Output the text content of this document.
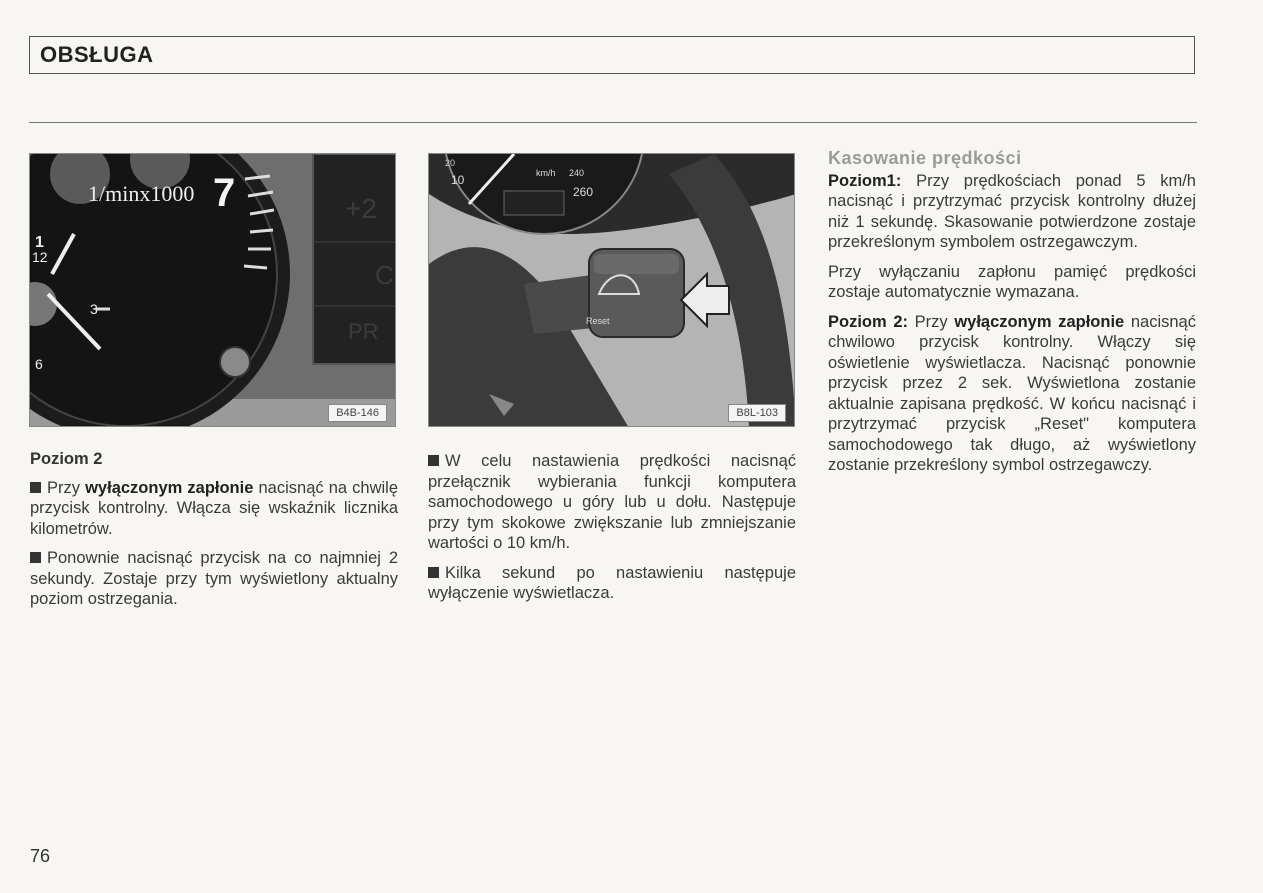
OBSŁUGA
1/minx1000 7
1
12
3
6
+2
C
PR
B4B-146
20
10	km/h 240
260
Reset
B8L-103
Poziom 2

Przy wyłączonym zapłonie nacisnąć na chwilę przycisk kontrolny. Włącza się wskaźnik licznika kilometrów.

Ponownie nacisnąć przycisk na co najmniej 2 sekundy. Zostaje przy tym wyświetlony aktualny poziom ostrzegania.

W celu nastawienia prędkości nacisnąć przełącznik wybierania funkcji komputera samochodowego u góry lub u dołu. Następuje przy tym skokowe zwiększanie lub zmniejszanie wartości o 10 km/h.

Kilka sekund po nastawieniu następuje wyłączenie wyświetlacza.

Kasowanie prędkości

Poziom1: Przy prędkościach ponad 5 km/h nacisnąć i przytrzymać przycisk kontrolny dłużej niż 1 sekundę. Skasowanie potwierdzone zostaje przekreślonym symbolem ostrzegawczym.

Przy wyłączaniu zapłonu pamięć prędkości zostaje automatycznie wymazana.

Poziom 2: Przy wyłączonym zapłonie nacisnąć chwilowo przycisk kontrolny. Włączy się oświetlenie wyświetlacza. Nacisnąć ponownie przycisk przez 2 sek. Wyświetlona zostanie aktualnie zapisana prędkość. W końcu nacisnąć i przytrzymać przycisk „Reset" komputera samochodowego tak długo, aż wyświetlony zostanie przekreślony symbol ostrzegawczy.

76
